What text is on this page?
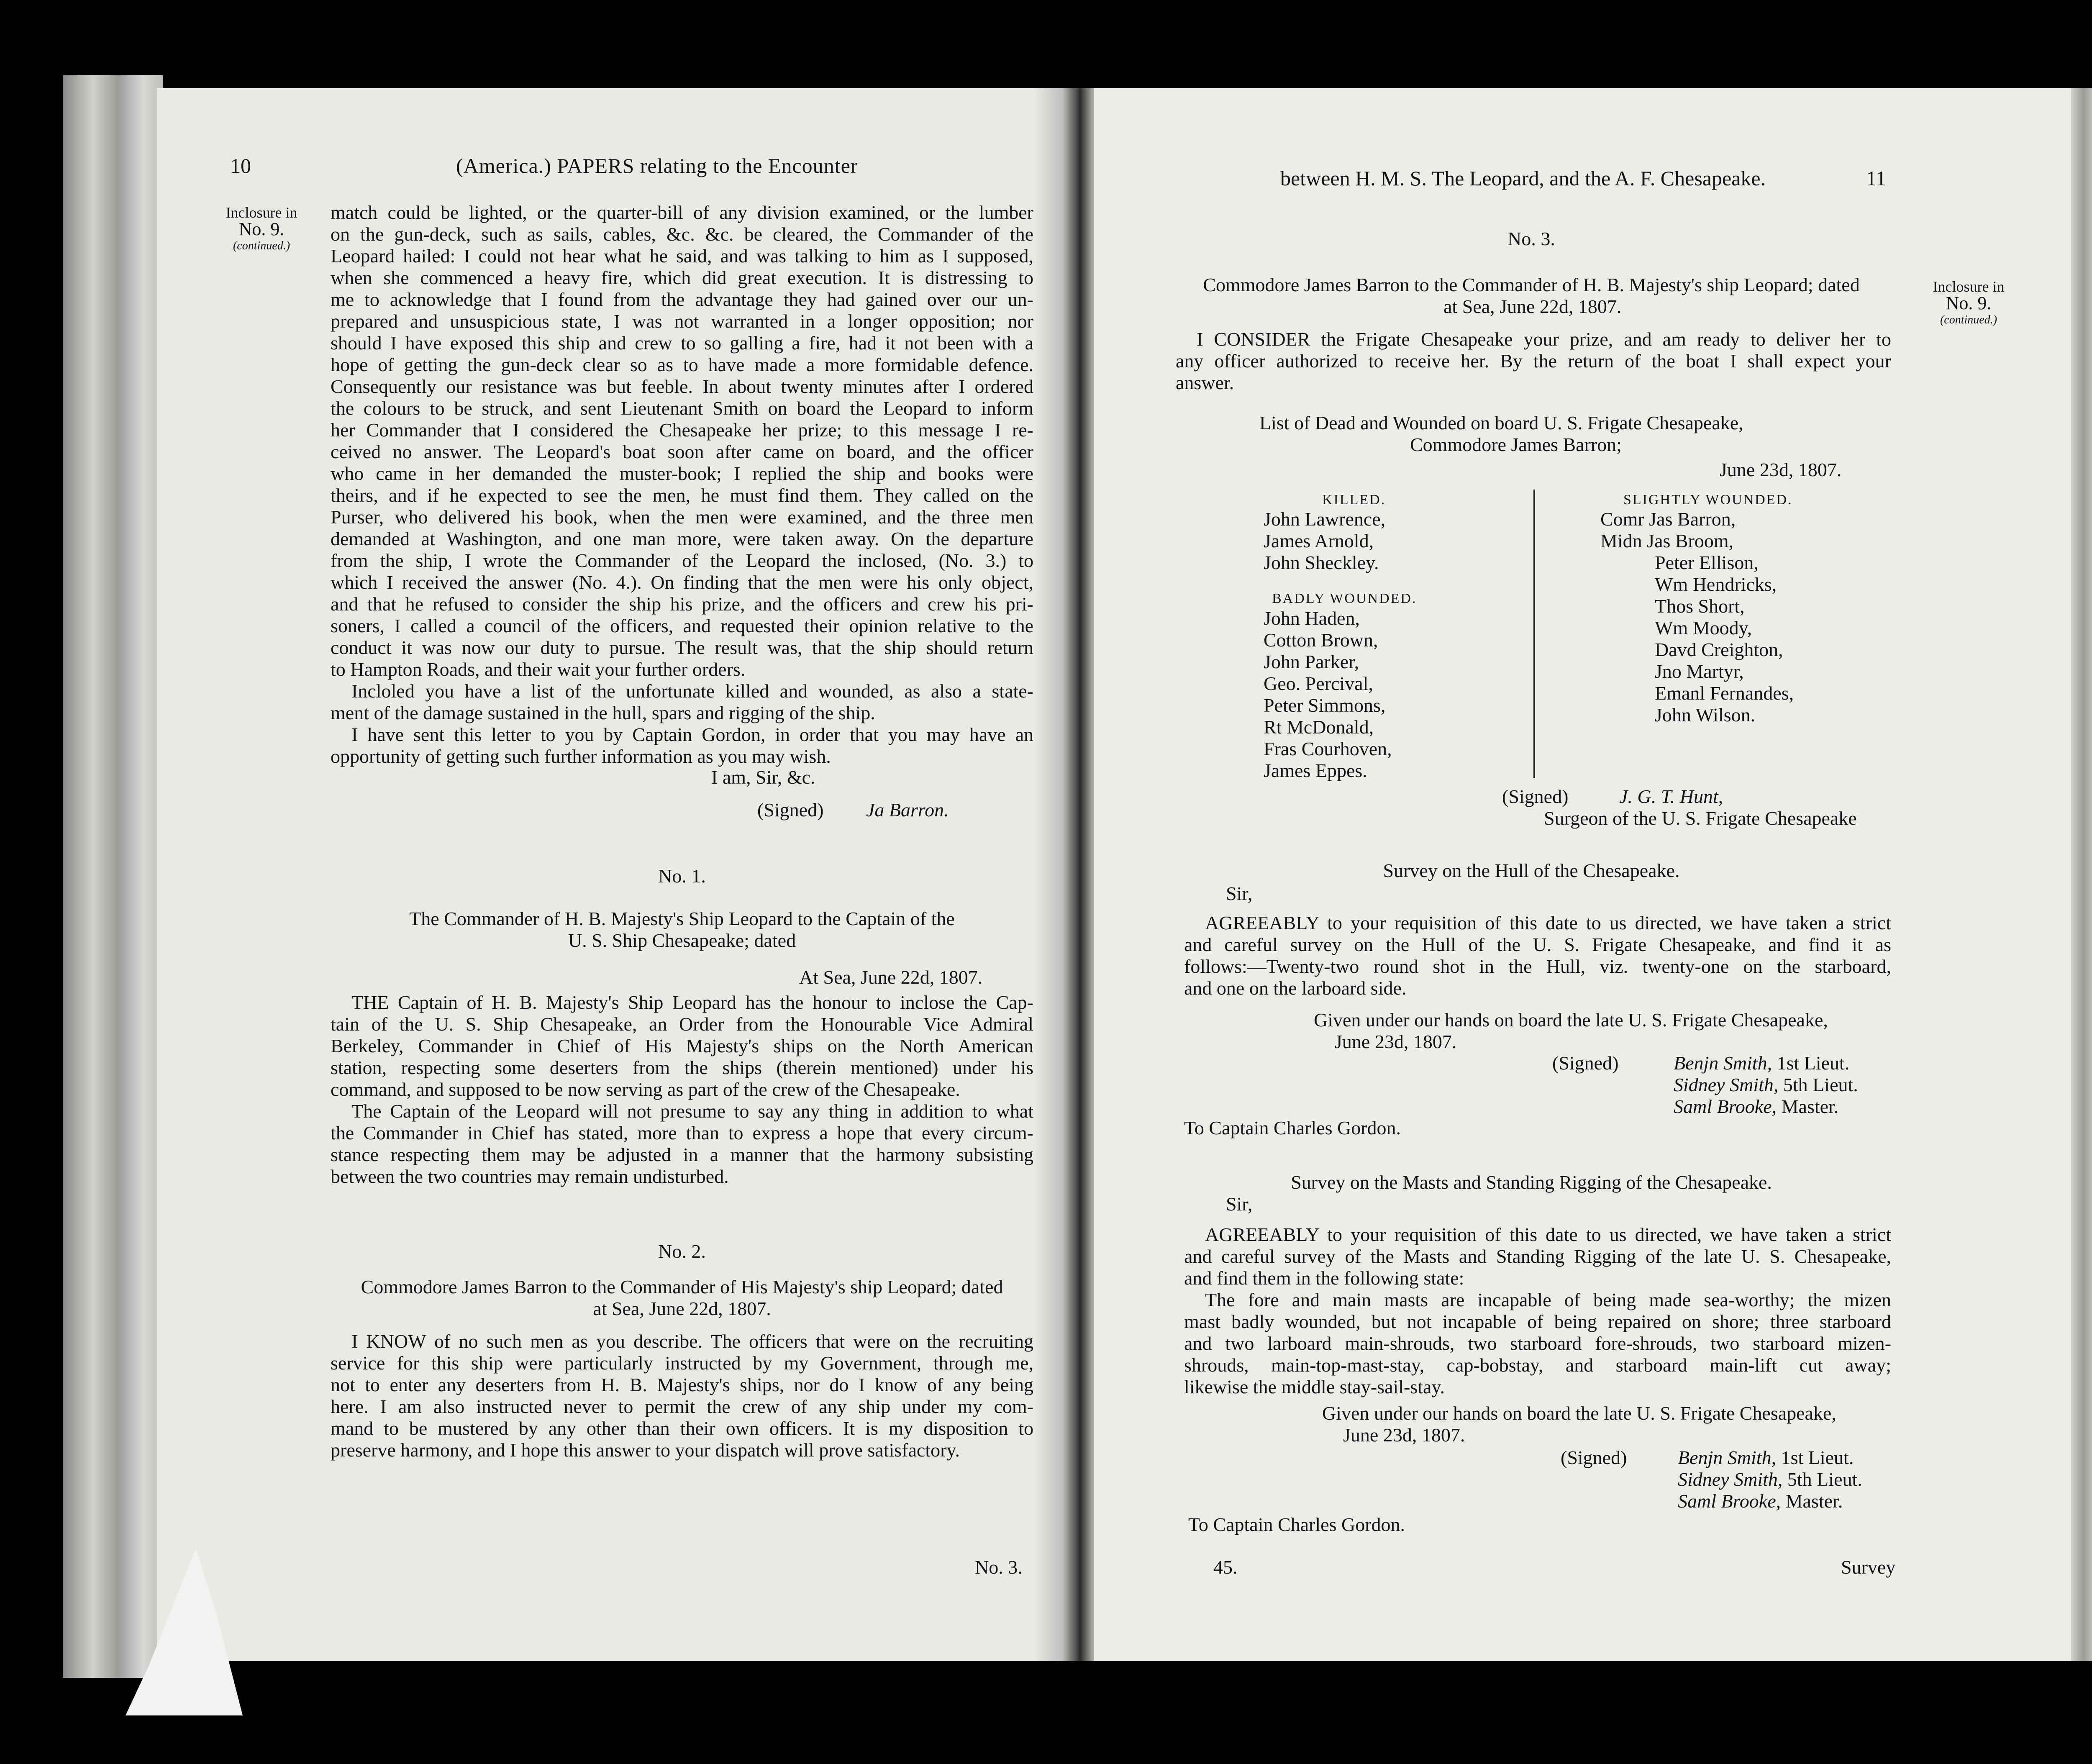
10	(America.) PAPERS relating to the Encounter
Inclosure in
No. 9.
(continued.)
match could be lighted, or the quarter-bill of any division examined, or the lumber
on the gun-deck, such as sails, cables, &c. &c. be cleared, the Commander of the
Leopard hailed: I could not hear what he said, and was talking to him as I supposed,
when she commenced a heavy fire, which did great execution. It is distressing to
me to acknowledge that I found from the advantage they had gained over our un-
prepared and unsuspicious state, I was not warranted in a longer opposition; nor
should I have exposed this ship and crew to so galling a fire, had it not been with a
hope of getting the gun-deck clear so as to have made a more formidable defence.
Consequently our resistance was but feeble. In about twenty minutes after I ordered
the colours to be struck, and sent Lieutenant Smith on board the Leopard to inform
her Commander that I considered the Chesapeake her prize; to this message I re-
ceived no answer. The Leopard's boat soon after came on board, and the officer
who came in her demanded the muster-book; I replied the ship and books were
theirs, and if he expected to see the men, he must find them. They called on the
Purser, who delivered his book, when the men were examined, and the three men
demanded at Washington, and one man more, were taken away. On the departure
from the ship, I wrote the Commander of the Leopard the inclosed, (No. 3.) to
which I received the answer (No. 4.). On finding that the men were his only object,
and that he refused to consider the ship his prize, and the officers and crew his pri-
soners, I called a council of the officers, and requested their opinion relative to the
conduct it was now our duty to pursue. The result was, that the ship should return
to Hampton Roads, and their wait your further orders.
Incloled you have a list of the unfortunate killed and wounded, as also a state-
ment of the damage sustained in the hull, spars and rigging of the ship.
I have sent this letter to you by Captain Gordon, in order that you may have an
opportunity of getting such further information as you may wish.
I am, Sir, &c.
(Signed) Ja Barron.
No. 1.
The Commander of H. B. Majesty's Ship Leopard to the Captain of the
U. S. Ship Chesapeake; dated
At Sea, June 22d, 1807.
THE Captain of H. B. Majesty's Ship Leopard has the honour to inclose the Cap-
tain of the U. S. Ship Chesapeake, an Order from the Honourable Vice Admiral
Berkeley, Commander in Chief of His Majesty's ships on the North American
station, respecting some deserters from the ships (therein mentioned) under his
command, and supposed to be now serving as part of the crew of the Chesapeake.
The Captain of the Leopard will not presume to say any thing in addition to what
the Commander in Chief has stated, more than to express a hope that every circum-
stance respecting them may be adjusted in a manner that the harmony subsisting
between the two countries may remain undisturbed.
No. 2.
Commodore James Barron to the Commander of His Majesty's ship Leopard; dated
at Sea, June 22d, 1807.
I KNOW of no such men as you describe. The officers that were on the recruiting
service for this ship were particularly instructed by my Government, through me,
not to enter any deserters from H. B. Majesty's ships, nor do I know of any being
here. I am also instructed never to permit the crew of any ship under my com-
mand to be mustered by any other than their own officers. It is my disposition to
preserve harmony, and I hope this answer to your dispatch will prove satisfactory.
No. 3.
between H. M. S. The Leopard, and the A. F. Chesapeake.	11
No. 3.
Commodore James Barron to the Commander of H. B. Majesty's ship Leopard; dated
at Sea, June 22d, 1807.
Inclosure in
No. 9.
(continued.)
I CONSIDER the Frigate Chesapeake your prize, and am ready to deliver her to
any officer authorized to receive her. By the return of the boat I shall expect your
answer.
List of Dead and Wounded on board U. S. Frigate Chesapeake,
Commodore James Barron;
June 23d, 1807.
KILLED.
John Lawrence,
James Arnold,
John Sheckley.
BADLY WOUNDED.
John Haden,
Cotton Brown,
John Parker,
Geo. Percival,
Peter Simmons,
Rt McDonald,
Fras Courhoven,
James Eppes.
SLIGHTLY WOUNDED.
Comr Jas Barron,
Midn Jas Broom,
Peter Ellison,
Wm Hendricks,
Thos Short,
Wm Moody,
Davd Creighton,
Jno Martyr,
Emanl Fernandes,
John Wilson.
(Signed)	J. G. T. Hunt,
Surgeon of the U. S. Frigate Chesapeake
Survey on the Hull of the Chesapeake.
Sir,
AGREEABLY to your requisition of this date to us directed, we have taken a strict
and careful survey on the Hull of the U. S. Frigate Chesapeake, and find it as
follows:—Twenty-two round shot in the Hull, viz. twenty-one on the starboard,
and one on the larboard side.
Given under our hands on board the late U. S. Frigate Chesapeake,
June 23d, 1807.
(Signed)	Benjn Smith, 1st Lieut.
Sidney Smith, 5th Lieut.
Saml Brooke, Master.
To Captain Charles Gordon.
Survey on the Masts and Standing Rigging of the Chesapeake.
Sir,
AGREEABLY to your requisition of this date to us directed, we have taken a strict
and careful survey of the Masts and Standing Rigging of the late U. S. Chesapeake,
and find them in the following state:
The fore and main masts are incapable of being made sea-worthy; the mizen
mast badly wounded, but not incapable of being repaired on shore; three starboard
and two larboard main-shrouds, two starboard fore-shrouds, two starboard mizen-
shrouds, main-top-mast-stay, cap-bobstay, and starboard main-lift cut away;
likewise the middle stay-sail-stay.
Given under our hands on board the late U. S. Frigate Chesapeake,
June 23d, 1807.
(Signed)	Benjn Smith, 1st Lieut.
Sidney Smith, 5th Lieut.
Saml Brooke, Master.
To Captain Charles Gordon.
45.	Survey
